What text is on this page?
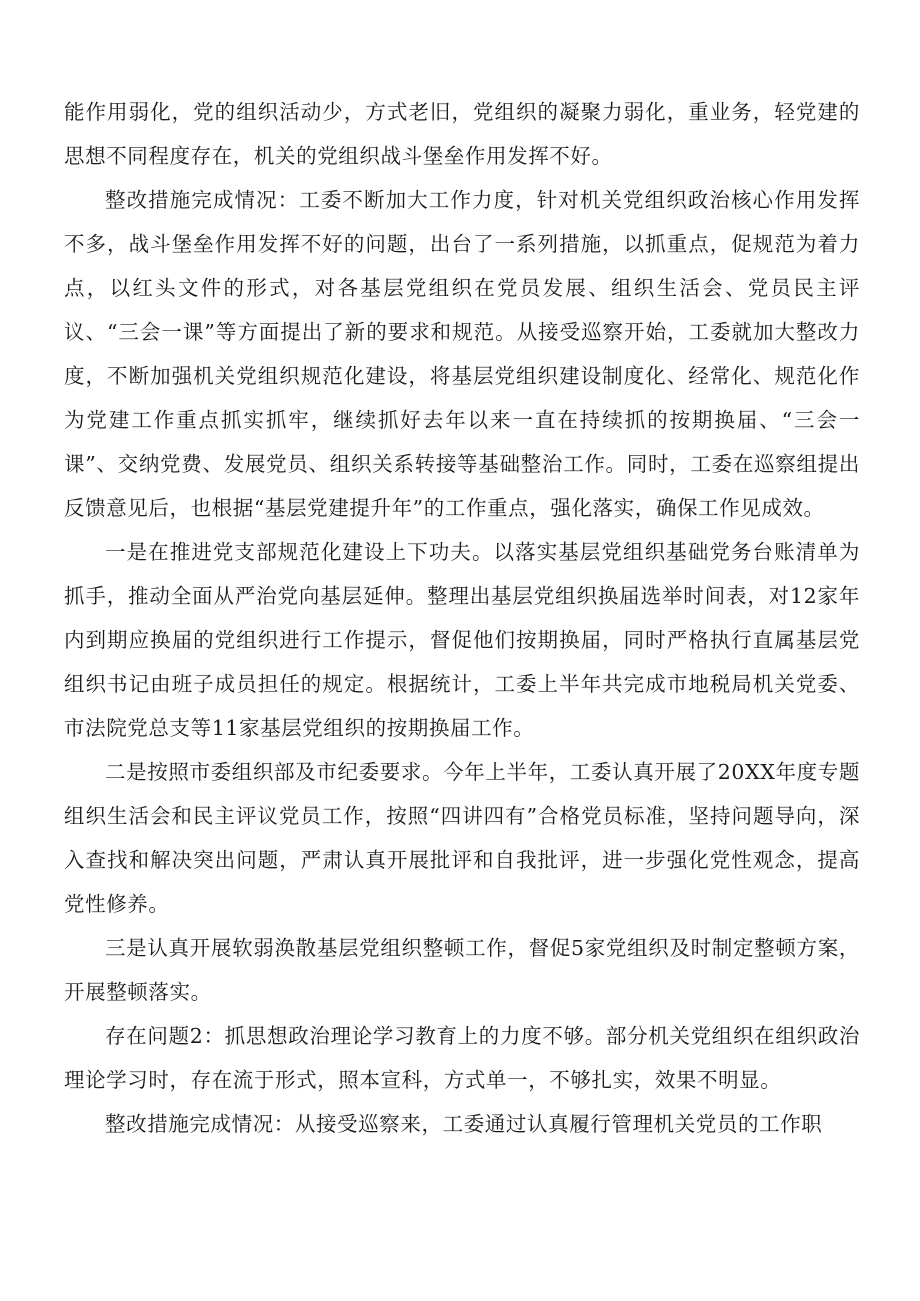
能作用弱化，党的组织活动少，方式老旧，党组织的凝聚力弱化，重业务，轻党建的思想不同程度存在，机关的党组织战斗堡垒作用发挥不好。

整改措施完成情况：工委不断加大工作力度，针对机关党组织政治核心作用发挥不多，战斗堡垒作用发挥不好的问题，出台了一系列措施，以抓重点，促规范为着力点，以红头文件的形式，对各基层党组织在党员发展、组织生活会、党员民主评议、“三会一课”等方面提出了新的要求和规范。从接受巡察开始，工委就加大整改力度，不断加强机关党组织规范化建设，将基层党组织建设制度化、经常化、规范化作为党建工作重点抓实抓牢，继续抓好去年以来一直在持续抓的按期换届、“三会一课”、交纳党费、发展党员、组织关系转接等基础整治工作。同时，工委在巡察组提出反馈意见后，也根据“基层党建提升年”的工作重点，强化落实，确保工作见成效。

一是在推进党支部规范化建设上下功夫。以落实基层党组织基础党务台账清单为抓手，推动全面从严治党向基层延伸。整理出基层党组织换届选举时间表，对12家年内到期应换届的党组织进行工作提示，督促他们按期换届，同时严格执行直属基层党组织书记由班子成员担任的规定。根据统计，工委上半年共完成市地税局机关党委、市法院党总支等11家基层党组织的按期换届工作。

二是按照市委组织部及市纪委要求。今年上半年，工委认真开展了20XX年度专题组织生活会和民主评议党员工作，按照“四讲四有”合格党员标准，坚持问题导向，深入查找和解决突出问题，严肃认真开展批评和自我批评，进一步强化党性观念，提高党性修养。

三是认真开展软弱涣散基层党组织整顿工作，督促5家党组织及时制定整顿方案，开展整顿落实。

存在问题2：抓思想政治理论学习教育上的力度不够。部分机关党组织在组织政治理论学习时，存在流于形式，照本宣科，方式单一，不够扎实，效果不明显。

整改措施完成情况：从接受巡察来，工委通过认真履行管理机关党员的工作职
